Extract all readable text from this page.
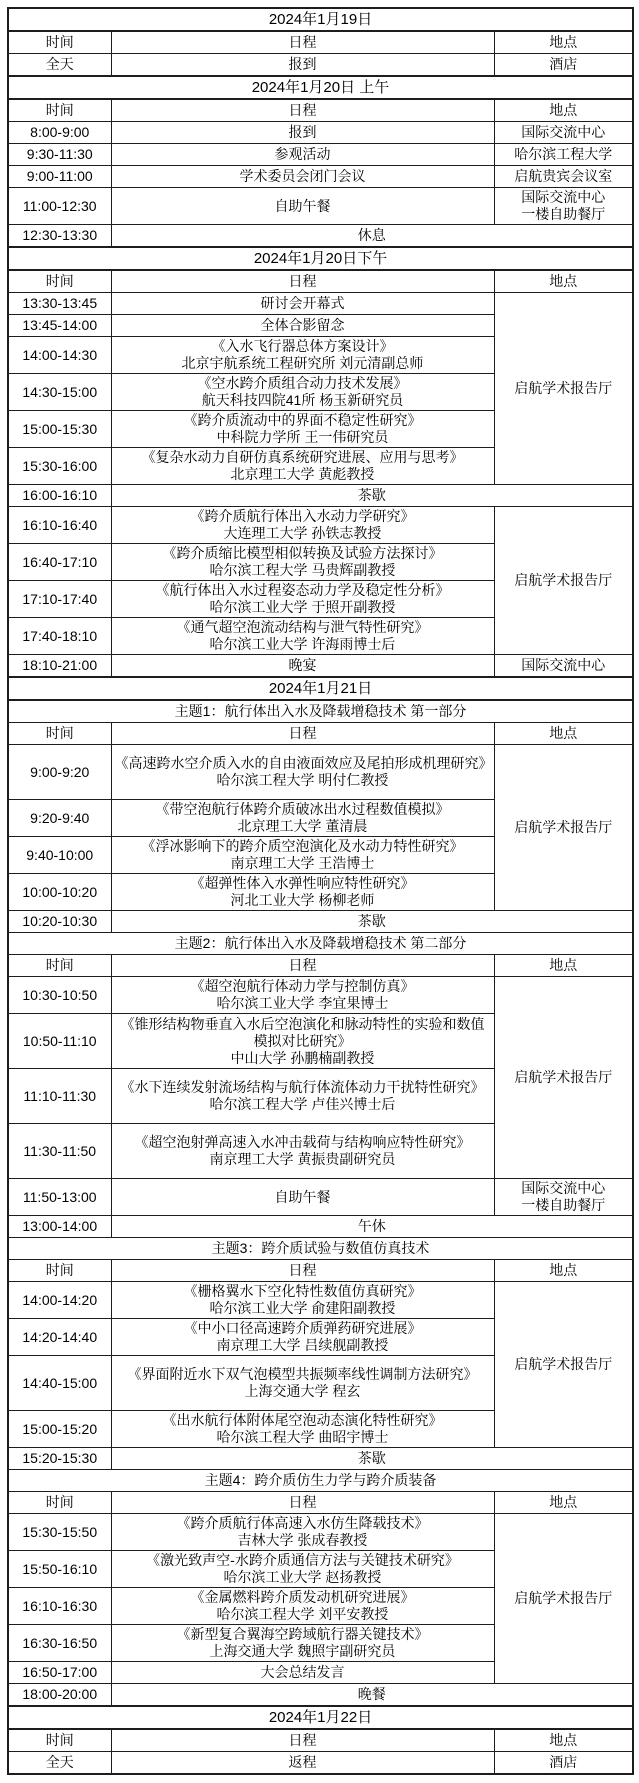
2024年1月19日		
时间	日程	地点
全天	报到	酒店
2024年1月20日 上午		
时间	日程	地点
8:00-9:00	报到	国际交流中心
9:30-11:30	参观活动	哈尔滨工程大学
9:00-11:00	学术委员会闭门会议	启航贵宾会议室
11:00-12:30	自助午餐	国际交流中心
一楼自助餐厅

12:30-13:30	休息	
2024年1月20日下午		
时间	日程	地点
13:30-13:45	研讨会开幕式	启航学术报告厅
13:45-14:00	全体合影留念	
14:00-14:30	《入水飞行器总体方案设计》
北京宇航系统工程研究所 刘元清副总师	

14:30-15:00	《空水跨介质组合动力技术发展》
航天科技四院41所 杨玉新研究员	

15:00-15:30	《跨介质流动中的界面不稳定性研究》
中科院力学所 王一伟研究员	

15:30-16:00	《复杂水动力自研仿真系统研究进展、应用与思考》
北京理工大学 黄彪教授	

16:00-16:10	茶歇	
16:10-16:40	《跨介质航行体出入水动力学研究》
大连理工大学 孙铁志教授	启航学术报告厅
16:40-17:10	《跨介质缩比模型相似转换及试验方法探讨》
哈尔滨工程大学 马贵辉副教授	

17:10-17:40	《航行体出入水过程姿态动力学及稳定性分析》
哈尔滨工业大学 于照开副教授	

17:40-18:10	《通气超空泡流动结构与泄气特性研究》
哈尔滨工业大学 许海雨博士后	

18:10-21:00	晚宴	国际交流中心
2024年1月21日		
主题1：航行体出入水及降载增稳技术 第一部分		
时间	日程	地点
9:00-9:20	《高速跨水空介质入水的自由液面效应及尾拍形成机理研究》
哈尔滨工程大学 明付仁教授	启航学术报告厅
9:20-9:40	《带空泡航行体跨介质破冰出水过程数值模拟》
北京理工大学 董清晨	

9:40-10:00	《浮冰影响下的跨介质空泡演化及水动力特性研究》
南京理工大学 王浩博士	

10:00-10:20	《超弹性体入水弹性响应特性研究》
河北工业大学 杨柳老师	

10:20-10:30	茶歇	
主题2：航行体出入水及降载增稳技术 第二部分		
时间	日程	地点
10:30-10:50	《超空泡航行体动力学与控制仿真》
哈尔滨工业大学 李宜果博士	启航学术报告厅
10:50-11:10	《锥形结构物垂直入水后空泡演化和脉动特性的实验和数值模拟对比研究》
中山大学 孙鹏楠副教授	

11:10-11:30	《水下连续发射流场结构与航行体流体动力干扰特性研究》
哈尔滨工程大学 卢佳兴博士后	

11:30-11:50	《超空泡射弹高速入水冲击载荷与结构响应特性研究》
南京理工大学 黄振贵副研究员	

11:50-13:00	自助午餐	国际交流中心
一楼自助餐厅

13:00-14:00	午休	
主题3：跨介质试验与数值仿真技术		
时间	日程	地点
14:00-14:20	《栅格翼水下空化特性数值仿真研究》
哈尔滨工业大学 俞建阳副教授	启航学术报告厅
14:20-14:40	《中小口径高速跨介质弹药研究进展》
南京理工大学 吕续舰副教授	

14:40-15:00	《界面附近水下双气泡模型共振频率线性调制方法研究》
上海交通大学 程玄	

15:00-15:20	《出水航行体附体尾空泡动态演化特性研究》
哈尔滨工程大学 曲昭宇博士	

15:20-15:30	茶歇	
主题4：跨介质仿生力学与跨介质装备		
时间	日程	地点
15:30-15:50	《跨介质航行体高速入水仿生降载技术》
吉林大学 张成春教授	启航学术报告厅
15:50-16:10	《激光致声空-水跨介质通信方法与关键技术研究》
哈尔滨工业大学 赵扬教授	

16:10-16:30	《金属燃料跨介质发动机研究进展》
哈尔滨工程大学 刘平安教授	

16:30-16:50	《新型复合翼海空跨域航行器关键技术》
上海交通大学 魏照宇副研究员	

16:50-17:00	大会总结发言	
18:00-20:00	晚餐	
2024年1月22日		
时间	日程	地点
全天	返程	酒店
